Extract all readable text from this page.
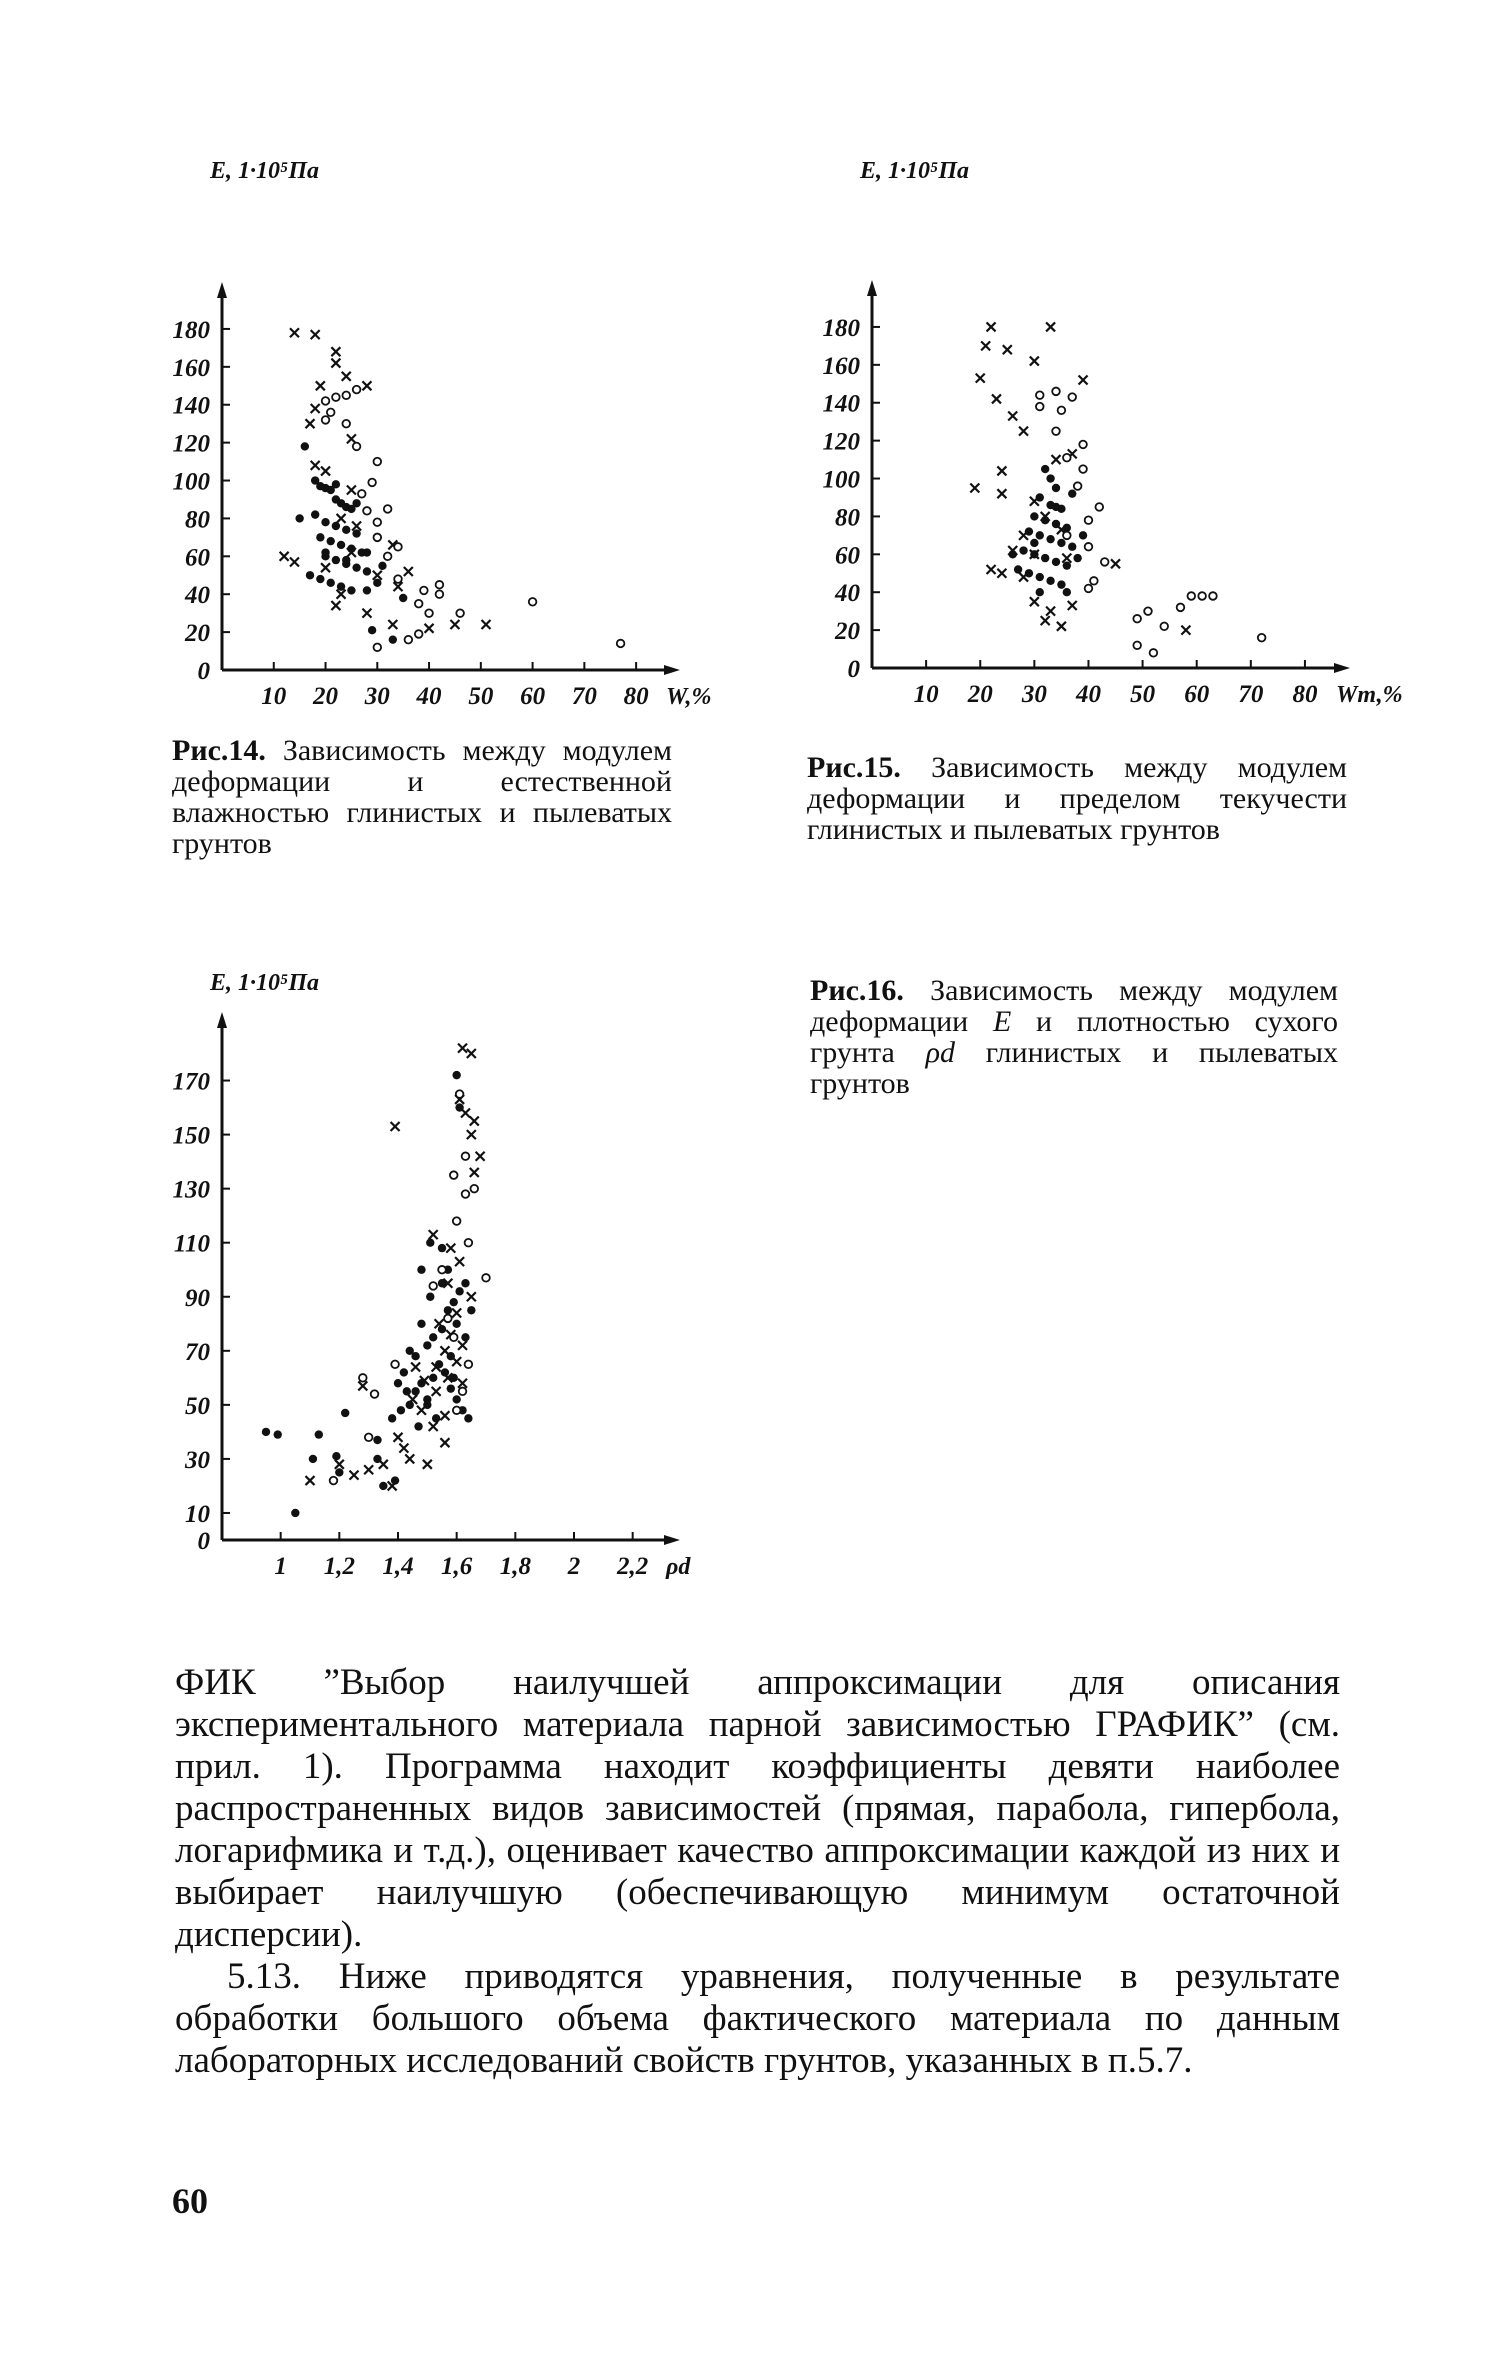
0
20
40
60
80
100
120
140
160
180
10 20 30 40 50 60 70 80
E, 1·10⁵Па
W,%
0
20
40
60
80
100
120
140
160
180
10 20 30 40 50 60 70 80
E, 1·10⁵Па
Wт,%
0
10
30
50
70
90
110
130
150
170
1 1,2 1,4 1,6 1,8 2 2,2
E, 1·10⁵Па
ρd
Рис.14. Зависимость между модулем деформации и естественной влажностью глинистых и пылеватых грунтов
Рис.15. Зависимость между модулем деформации и пределом текучести глинистых и пылеватых грунтов
Рис.16. Зависимость между модулем деформации E и плотностью сухого грунта ρd глинистых и пылеватых грунтов

ФИК ”Выбор наилучшей аппроксимации для описания экспериментального материала парной зависимостью ГРАФИК” (см. прил. 1). Программа находит коэффициенты девяти наиболее распространенных видов зависимостей (прямая, парабола, гипербола, логарифмика и т.д.), оценивает качество аппроксимации каждой из них и выбирает наилучшую (обеспечивающую минимум остаточной дисперсии).

5.13. Ниже приводятся уравнения, полученные в результате обработки большого объема фактического материала по данным лабораторных исследований свойств грунтов, указанных в п.5.7.

60
